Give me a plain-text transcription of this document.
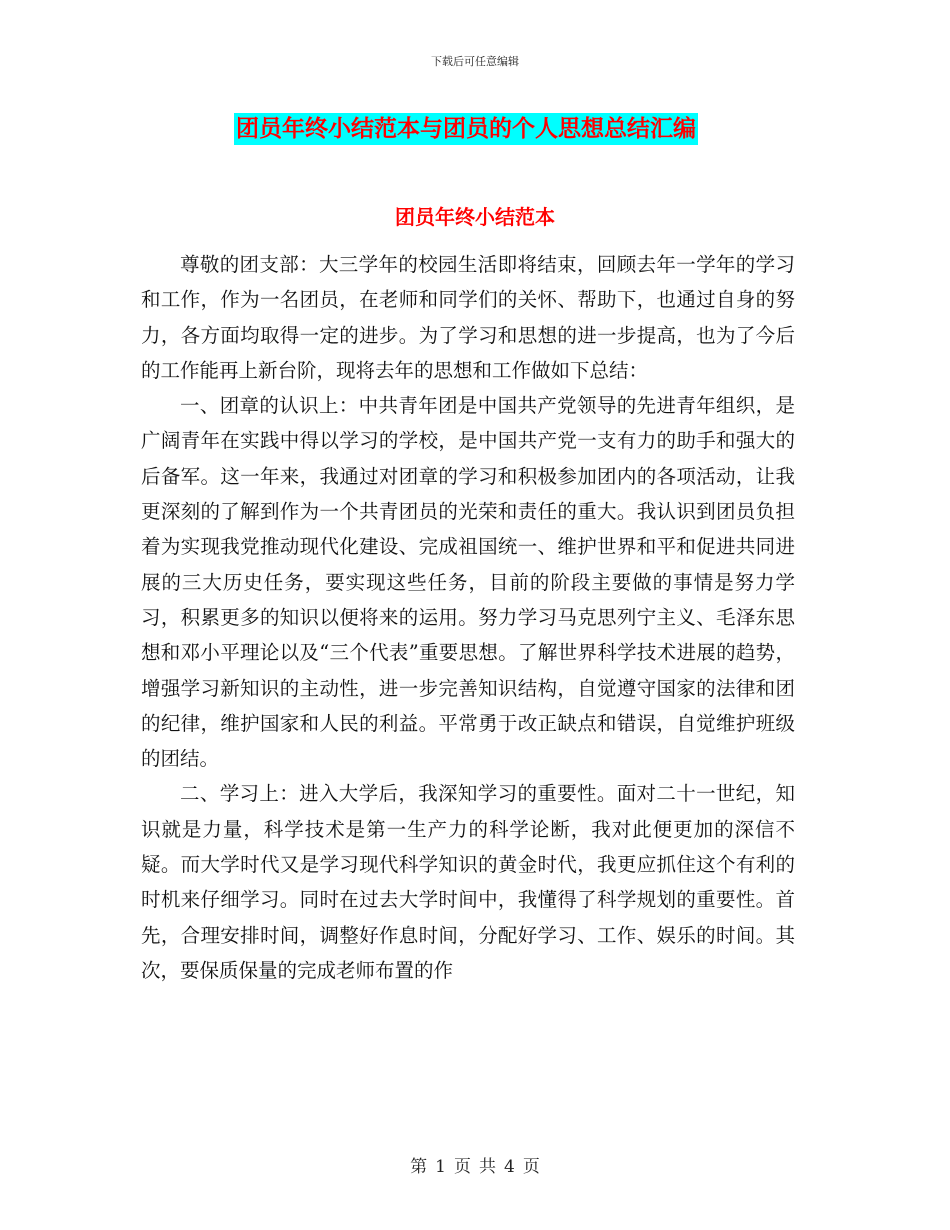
下载后可任意编辑
团员年终小结范本与团员的个人思想总结汇编
团员年终小结范本

尊敬的团支部：大三学年的校园生活即将结束，回顾去年一学年的学习和工作，作为一名团员，在老师和同学们的关怀、帮助下，也通过自身的努力，各方面均取得一定的进步。为了学习和思想的进一步提高，也为了今后的工作能再上新台阶，现将去年的思想和工作做如下总结：

一、团章的认识上：中共青年团是中国共产党领导的先进青年组织，是广阔青年在实践中得以学习的学校，是中国共产党一支有力的助手和强大的后备军。这一年来，我通过对团章的学习和积极参加团内的各项活动，让我更深刻的了解到作为一个共青团员的光荣和责任的重大。我认识到团员负担着为实现我党推动现代化建设、完成祖国统一、维护世界和平和促进共同进展的三大历史任务，要实现这些任务，目前的阶段主要做的事情是努力学习，积累更多的知识以便将来的运用。努力学习马克思列宁主义、毛泽东思想和邓小平理论以及“三个代表”重要思想。了解世界科学技术进展的趋势，增强学习新知识的主动性，进一步完善知识结构，自觉遵守国家的法律和团的纪律，维护国家和人民的利益。平常勇于改正缺点和错误，自觉维护班级的团结。

二、学习上：进入大学后，我深知学习的重要性。面对二十一世纪，知识就是力量，科学技术是第一生产力的科学论断，我对此便更加的深信不疑。而大学时代又是学习现代科学知识的黄金时代，我更应抓住这个有利的时机来仔细学习。同时在过去大学时间中，我懂得了科学规划的重要性。首先，合理安排时间，调整好作息时间，分配好学习、工作、娱乐的时间。其次，要保质保量的完成老师布置的作

第 1 页 共 4 页
